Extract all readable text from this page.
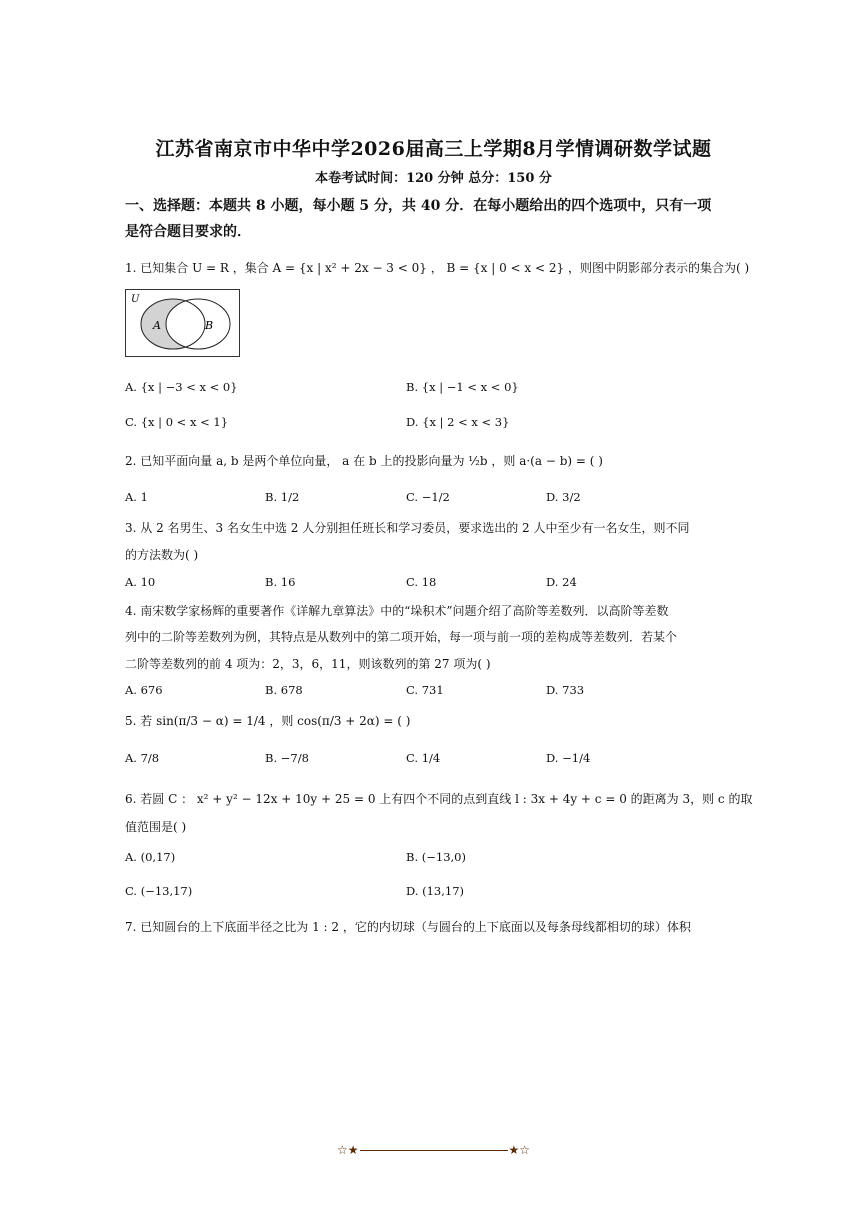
江苏省南京市中华中学2026届高三上学期8月学情调研数学试题
本卷考试时间：120 分钟 总分：150 分
一、选择题：本题共 8 小题，每小题 5 分，共 40 分．在每小题给出的四个选项中，只有一项
是符合题目要求的．
1. 已知集合 U = R ，集合 A = {x | x² + 2x − 3 < 0} ， B = {x | 0 < x < 2} ，则图中阴影部分表示的集合为( )
U
A	B
A. {x | −3 < x < 0}	B. {x | −1 < x < 0}
C. {x | 0 < x < 1}	D. {x | 2 < x < 3}
2. 已知平面向量 a, b 是两个单位向量， a 在 b 上的投影向量为 ½b ，则 a·(a − b) = ( )
A. 1	B. 1/2	C. −1/2	D. 3/2
3. 从 2 名男生、3 名女生中选 2 人分别担任班长和学习委员，要求选出的 2 人中至少有一名女生，则不同
的方法数为( )
A. 10	B. 16	C. 18	D. 24
4. 南宋数学家杨辉的重要著作《详解九章算法》中的“垛积术”问题介绍了高阶等差数列．以高阶等差数
列中的二阶等差数列为例，其特点是从数列中的第二项开始，每一项与前一项的差构成等差数列．若某个
二阶等差数列的前 4 项为：2，3，6，11，则该数列的第 27 项为( )
A. 676	B. 678	C. 731	D. 733
5. 若 sin(π/3 − α) = 1/4 ，则 cos(π/3 + 2α) = ( )
A. 7/8	B. −7/8	C. 1/4	D. −1/4
6. 若圆 C ： x² + y² − 12x + 10y + 25 = 0 上有四个不同的点到直线 l : 3x + 4y + c = 0 的距离为 3，则 c 的取
值范围是( )
A. (0,17)	B. (−13,0)
C. (−13,17)	D. (13,17)
7. 已知圆台的上下底面半径之比为 1 : 2 ，它的内切球（与圆台的上下底面以及每条母线都相切的球）体积
☆★	★☆
